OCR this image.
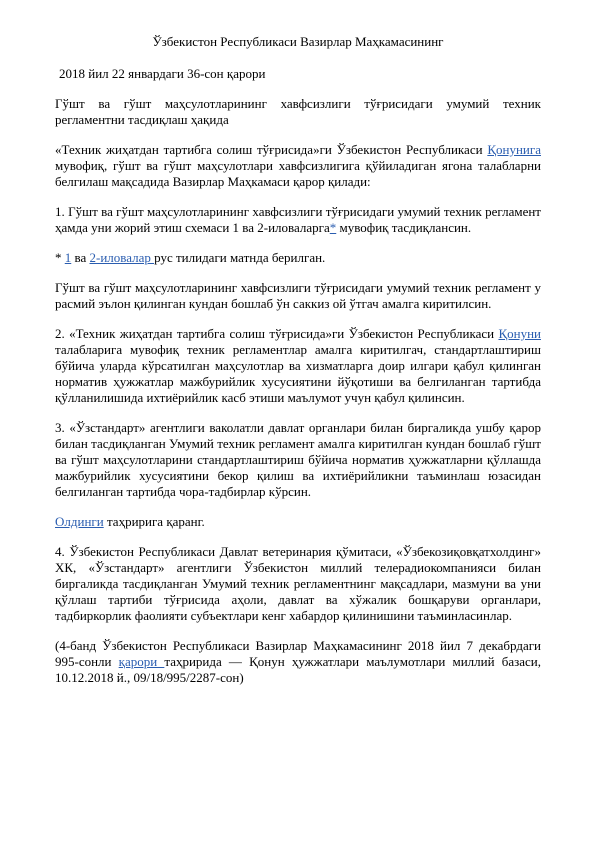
Ўзбекистон Республикаси Вазирлар Маҳкамасининг
2018 йил 22 январдаги 36-сон қарори

Гўшт ва гўшт маҳсулотларининг хавфсизлиги тўғрисидаги умумий техник регламентни тасдиқлаш ҳақида

«Техник жиҳатдан тартибга солиш тўғрисида»ги Ўзбекистон Республикаси Қонунига мувофиқ, гўшт ва гўшт маҳсулотлари хавфсизлигига қўйиладиган ягона талабларни белгилаш мақсадида Вазирлар Маҳкамаси қарор қилади:

1. Гўшт ва гўшт маҳсулотларининг хавфсизлиги тўғрисидаги умумий техник регламент ҳамда уни жорий этиш схемаси 1 ва 2-иловаларга* мувофиқ тасдиқлансин.

* 1 ва 2-иловалар рус тилидаги матнда берилган.

Гўшт ва гўшт маҳсулотларининг хавфсизлиги тўғрисидаги умумий техник регламент у расмий эълон қилинган кундан бошлаб ўн саккиз ой ўтгач амалга киритилсин.

2. «Техник жиҳатдан тартибга солиш тўғрисида»ги Ўзбекистон Республикаси Қонуни талабларига мувофиқ техник регламентлар амалга киритилгач, стандартлаштириш бўйича уларда кўрсатилган маҳсулотлар ва хизматларга доир илгари қабул қилинган норматив ҳужжатлар мажбурийлик хусусиятини йўқотиши ва белгиланган тартибда қўлланилишида ихтиёрийлик касб этиши маълумот учун қабул қилинсин.

3. «Ўзстандарт» агентлиги ваколатли давлат органлари билан биргаликда ушбу қарор билан тасдиқланган Умумий техник регламент амалга киритилган кундан бошлаб гўшт ва гўшт маҳсулотларини стандартлаштириш бўйича норматив ҳужжатларни қўллашда мажбурийлик хусусиятини бекор қилиш ва ихтиёрийликни таъминлаш юзасидан белгиланган тартибда чора-тадбирлар кўрсин.

Олдинги таҳририга қаранг.

4. Ўзбекистон Республикаси Давлат ветеринария қўмитаси, «Ўзбекозиқовқатхолдинг» ХК, «Ўзстандарт» агентлиги Ўзбекистон миллий телерадиокомпанияси билан биргаликда тасдиқланган Умумий техник регламентнинг мақсадлари, мазмуни ва уни қўллаш тартиби тўғрисида аҳоли, давлат ва хўжалик бошқаруви органлари, тадбиркорлик фаолияти субъектлари кенг хабардор қилинишини таъминласинлар.

(4-банд Ўзбекистон Республикаси Вазирлар Маҳкамасининг 2018 йил 7 декабрдаги 995-сонли қарори таҳририда — Қонун ҳужжатлари маълумотлари миллий базаси, 10.12.2018 й., 09/18/995/2287-сон)
